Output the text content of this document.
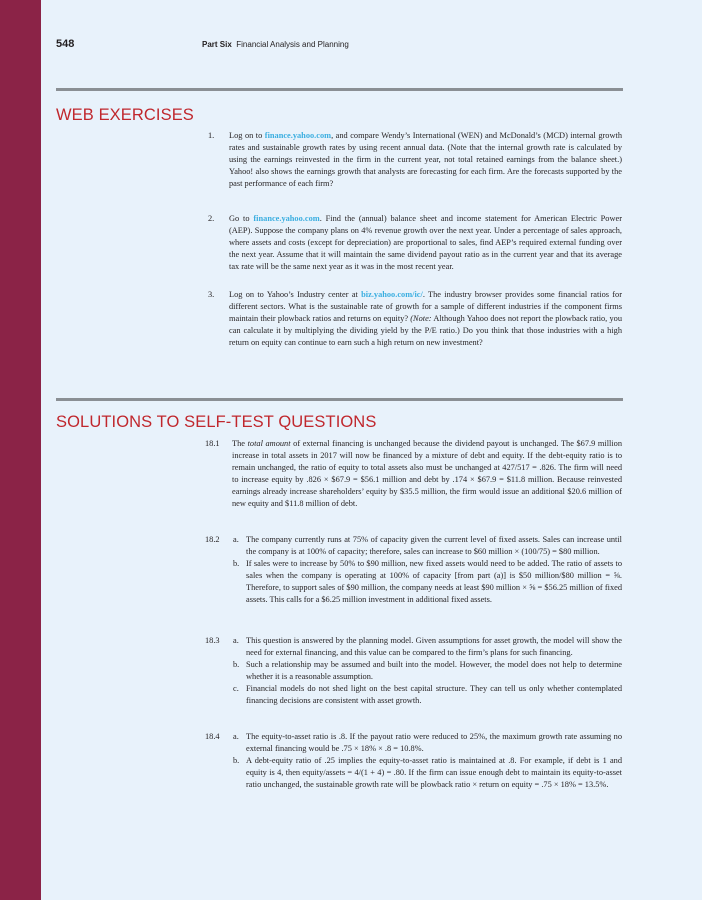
548	Part Six Financial Analysis and Planning
WEB EXERCISES
1. Log on to finance.yahoo.com, and compare Wendy’s International (WEN) and McDonald’s (MCD) internal growth rates and sustainable growth rates by using recent annual data. (Note that the internal growth rate is calculated by using the earnings reinvested in the firm in the current year, not total retained earnings from the balance sheet.) Yahoo! also shows the earnings growth that analysts are forecasting for each firm. Are the forecasts supported by the past performance of each firm?

2. Go to finance.yahoo.com. Find the (annual) balance sheet and income statement for American Electric Power (AEP). Suppose the company plans on 4% revenue growth over the next year. Under a percentage of sales approach, where assets and costs (except for depreciation) are proportional to sales, find AEP’s required external funding over the next year. Assume that it will maintain the same dividend payout ratio as in the current year and that its average tax rate will be the same next year as it was in the most recent year.

3. Log on to Yahoo’s Industry center at biz.yahoo.com/ic/. The industry browser provides some financial ratios for different sectors. What is the sustainable rate of growth for a sample of different industries if the component firms maintain their plowback ratios and returns on equity? (Note: Although Yahoo does not report the plowback ratio, you can calculate it by multiplying the dividing yield by the P/E ratio.) Do you think that those industries with a high return on equity can continue to earn such a high return on new investment?

SOLUTIONS TO SELF-TEST QUESTIONS
18.1 The total amount of external financing is unchanged because the dividend payout is unchanged. The $67.9 million increase in total assets in 2017 will now be financed by a mixture of debt and equity. If the debt-equity ratio is to remain unchanged, the ratio of equity to total assets also must be unchanged at 427/517 = .826. The firm will need to increase equity by .826 × $67.9 = $56.1 million and debt by .174 × $67.9 = $11.8 million. Because reinvested earnings already increase shareholders’ equity by $35.5 million, the firm would issue an additional $20.6 million of new equity and $11.8 million of debt.

18.2 a. The company currently runs at 75% of capacity given the current level of fixed assets. Sales can increase until the company is at 100% of capacity; therefore, sales can increase to $60 million × (100/75) = $80 million.

b. If sales were to increase by 50% to $90 million, new fixed assets would need to be added. The ratio of assets to sales when the company is operating at 100% of capacity [from part (a)] is $50 million/$80 million = ⅝. Therefore, to support sales of $90 million, the company needs at least $90 million × ⅝ = $56.25 million of fixed assets. This calls for a $6.25 million investment in additional fixed assets.

18.3 a. This question is answered by the planning model. Given assumptions for asset growth, the model will show the need for external financing, and this value can be compared to the firm’s plans for such financing.

b. Such a relationship may be assumed and built into the model. However, the model does not help to determine whether it is a reasonable assumption.

c. Financial models do not shed light on the best capital structure. They can tell us only whether contemplated financing decisions are consistent with asset growth.

18.4 a. The equity-to-asset ratio is .8. If the payout ratio were reduced to 25%, the maximum growth rate assuming no external financing would be .75 × 18% × .8 = 10.8%.

b. A debt-equity ratio of .25 implies the equity-to-asset ratio is maintained at .8. For example, if debt is 1 and equity is 4, then equity/assets = 4/(1 + 4) = .80. If the firm can issue enough debt to maintain its equity-to-asset ratio unchanged, the sustainable growth rate will be plowback ratio × return on equity = .75 × 18% = 13.5%.
